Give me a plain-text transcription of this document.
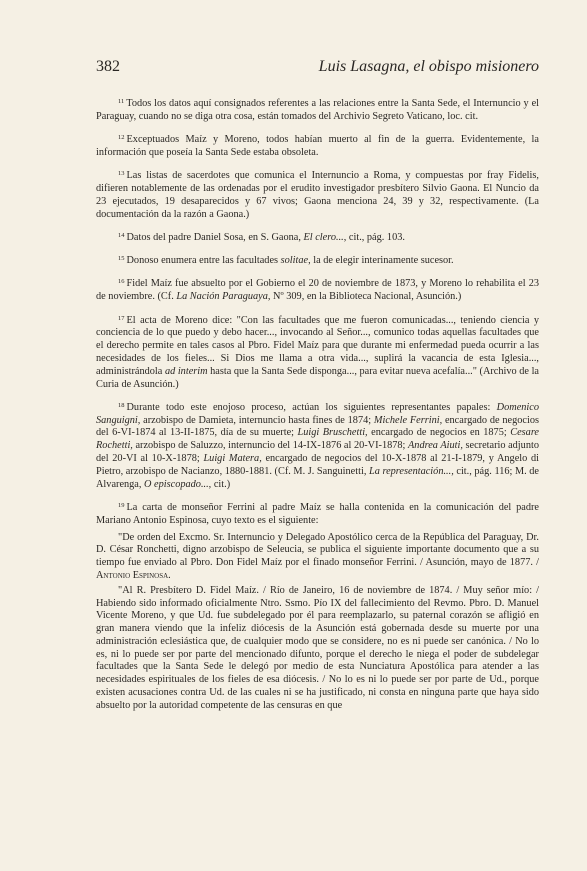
382	Luis Lasagna, el obispo misionero

$^{11}$ Todos los datos aquí consignados referentes a las relaciones entre la Santa Sede, el Internuncio y el Paraguay, cuando no se diga otra cosa, están tomados del Archivio Segreto Vaticano, loc. cit.

$^{12}$ Exceptuados Maíz y Moreno, todos habían muerto al fin de la guerra. Evidentemente, la información que poseía la Santa Sede estaba obsoleta.

$^{13}$ Las listas de sacerdotes que comunica el Internuncio a Roma, y compuestas por fray Fidelis, difieren notablemente de las ordenadas por el erudito investigador presbítero Silvio Gaona. El Nuncio da 23 ejecutados, 19 desaparecidos y 67 vivos; Gaona menciona 24, 39 y 32, respectivamente. (La documentación da la razón a Gaona.)

$^{14}$ Datos del padre Daniel Sosa, en S. Gaona, El clero..., cit., pág. 103.

$^{15}$ Donoso enumera entre las facultades solitae, la de elegir interinamente sucesor.

$^{16}$ Fidel Maíz fue absuelto por el Gobierno el 20 de noviembre de 1873, y Moreno lo rehabilita el 23 de noviembre. (Cf. La Nación Paraguaya, Nº 309, en la Biblioteca Nacional, Asunción.)

$^{17}$ El acta de Moreno dice: "Con las facultades que me fueron comunicadas..., teniendo ciencia y conciencia de lo que puedo y debo hacer..., invocando al Señor..., comunico todas aquellas facultades que el derecho permite en tales casos al Pbro. Fidel Maíz para que durante mi enfermedad pueda ocurrir a las necesidades de los fieles... Si Dios me llama a otra vida..., suplirá la vacancia de esta Iglesia..., administrándola ad interim hasta que la Santa Sede disponga..., para evitar nueva acefalía..." (Archivo de la Curia de Asunción.)

$^{18}$ Durante todo este enojoso proceso, actúan los siguientes representantes papales: Domenico Sanguigni, arzobispo de Damieta, internuncio hasta fines de 1874; Michele Ferrini, encargado de negocios del 6-VI-1874 al 13-II-1875, día de su muerte; Luigi Bruschetti, encargado de negocios en 1875; Cesare Rochetti, arzobispo de Saluzzo, internuncio del 14-IX-1876 al 20-VI-1878; Andrea Aiuti, secretario adjunto del 20-VI al 10-X-1878; Luigi Matera, encargado de negocios del 10-X-1878 al 21-I-1879, y Angelo di Pietro, arzobispo de Nacianzo, 1880-1881. (Cf. M. J. Sanguinetti, La representación..., cit., pág. 116; M. de Alvarenga, O episcopado..., cit.)

$^{19}$ La carta de monseñor Ferrini al padre Maíz se halla contenida en la comunicación del padre Mariano Antonio Espinosa, cuyo texto es el siguiente:

"De orden del Excmo. Sr. Internuncio y Delegado Apostólico cerca de la República del Paraguay, Dr. D. César Ronchetti, digno arzobispo de Seleucia, se publica el siguiente importante documento que a su tiempo fue enviado al Pbro. Don Fidel Maíz por el finado monseñor Ferrini. / Asunción, mayo de 1877. / Antonio Espinosa.

"Al R. Presbítero D. Fidel Maíz. / Río de Janeiro, 16 de noviembre de 1874. / Muy señor mío: / Habiendo sido informado oficialmente Ntro. Ssmo. Pío IX del fallecimiento del Revmo. Pbro. D. Manuel Vicente Moreno, y que Ud. fue subdelegado por él para reemplazarlo, su paternal corazón se afligió en gran manera viendo que la infeliz diócesis de la Asunción está gobernada desde su muerte por una administración eclesiástica que, de cualquier modo que se considere, no es ni puede ser canónica. / No lo es, ni lo puede ser por parte del mencionado difunto, porque el derecho le niega el poder de subdelegar facultades que la Santa Sede le delegó por medio de esta Nunciatura Apostólica para atender a las necesidades espirituales de los fieles de esa diócesis. / No lo es ni lo puede ser por parte de Ud., porque existen acusaciones contra Ud. de las cuales ni se ha justificado, ni consta en ninguna parte que haya sido absuelto por la autoridad competente de las censuras en que
